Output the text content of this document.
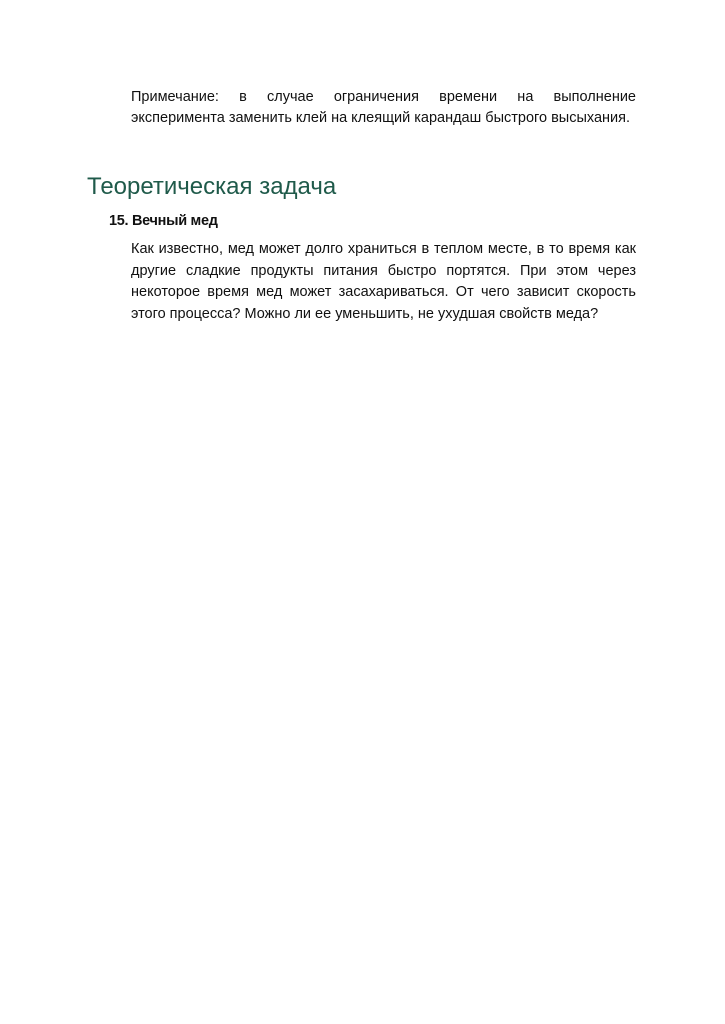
Примечание: в случае ограничения времени на выполнение эксперимента заменить клей на клеящий карандаш быстрого высыхания.

Теоретическая задача
15. Вечный мед

Как известно, мед может долго храниться в теплом месте, в то время как другие сладкие продукты питания быстро портятся. При этом через некоторое время мед может засахариваться. От чего зависит скорость этого процесса? Можно ли ее уменьшить, не ухудшая свойств меда?
